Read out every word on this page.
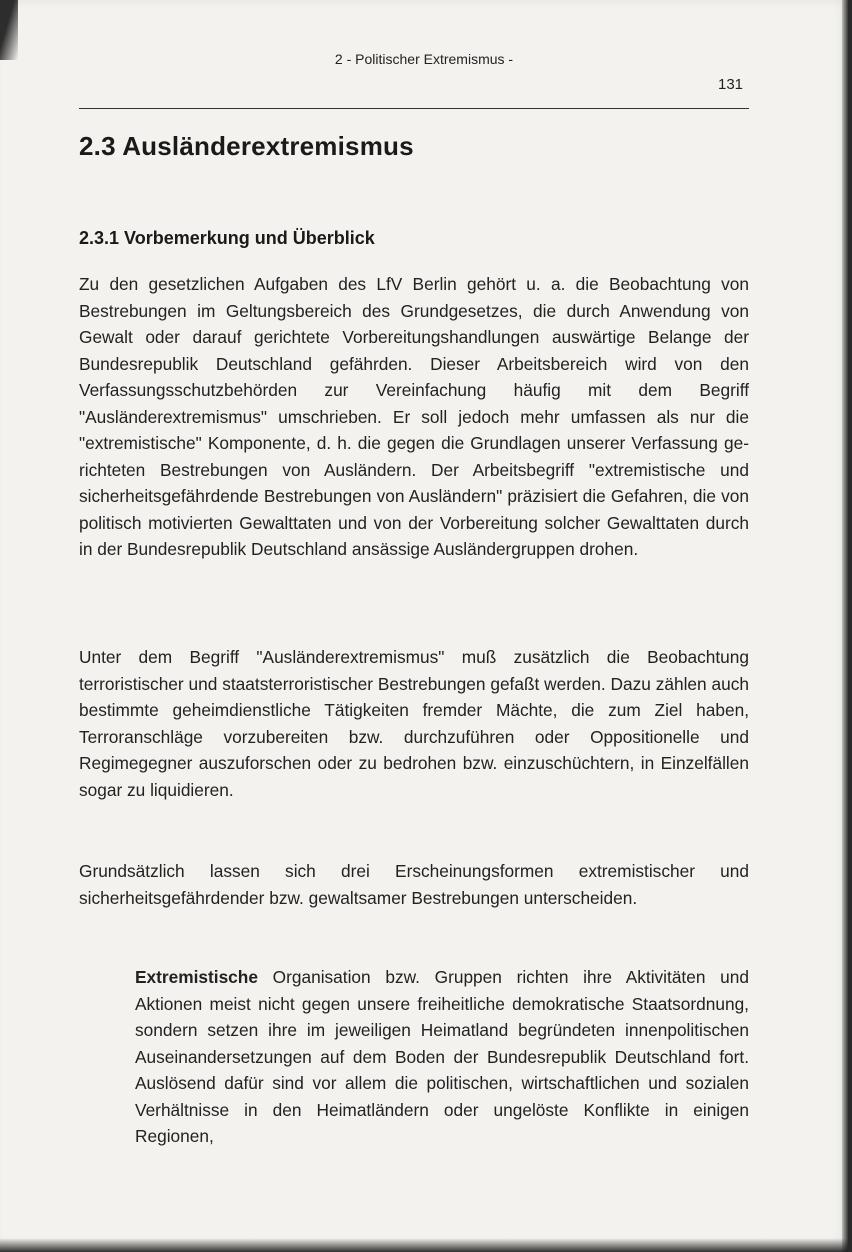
2 - Politischer Extremismus -
131
2.3 Ausländerextremismus
2.3.1 Vorbemerkung und Überblick

Zu den gesetzlichen Aufgaben des LfV Berlin gehört u. a. die Beobachtung von Bestrebungen im Geltungsbereich des Grundgesetzes, die durch Anwendung von Gewalt oder darauf gerichtete Vorbereitungshandlungen auswärtige Belange der Bundesrepublik Deutschland gefährden. Dieser Arbeitsbereich wird von den Verfassungsschutzbehörden zur Vereinfachung häufig mit dem Begriff "Ausländerextremismus" umschrieben. Er soll jedoch mehr umfassen als nur die "extremistische" Komponente, d. h. die gegen die Grundlagen unserer Verfassung gerichteten Bestrebungen von Ausländern. Der Arbeitsbegriff "extremistische und sicherheitsgefährdende Bestrebungen von Ausländern" präzisiert die Gefahren, die von politisch motivierten Gewalttaten und von der Vorbereitung solcher Gewalttaten durch in der Bundesrepublik Deutschland ansässige Ausländergruppen drohen.

Unter dem Begriff "Ausländerextremismus" muß zusätzlich die Beobachtung terroristischer und staatsterroristischer Bestrebungen gefaßt werden. Dazu zählen auch bestimmte geheimdienstliche Tätigkeiten fremder Mächte, die zum Ziel haben, Terroranschläge vorzubereiten bzw. durchzuführen oder Oppositionelle und Regimegegner auszuforschen oder zu bedrohen bzw. einzuschüchtern, in Einzelfällen sogar zu liquidieren.

Grundsätzlich lassen sich drei Erscheinungsformen extremistischer und sicherheitsgefährdender bzw. gewaltsamer Bestrebungen unterscheiden.

Extremistische Organisation bzw. Gruppen richten ihre Aktivitäten und Aktionen meist nicht gegen unsere freiheitliche demokratische Staatsordnung, sondern setzen ihre im jeweiligen Heimatland begründeten innenpolitischen Auseinandersetzungen auf dem Boden der Bundesrepublik Deutschland fort. Auslösend dafür sind vor allem die politischen, wirtschaftlichen und sozialen Verhältnisse in den Heimatländern oder ungelöste Konflikte in einigen Regionen,
